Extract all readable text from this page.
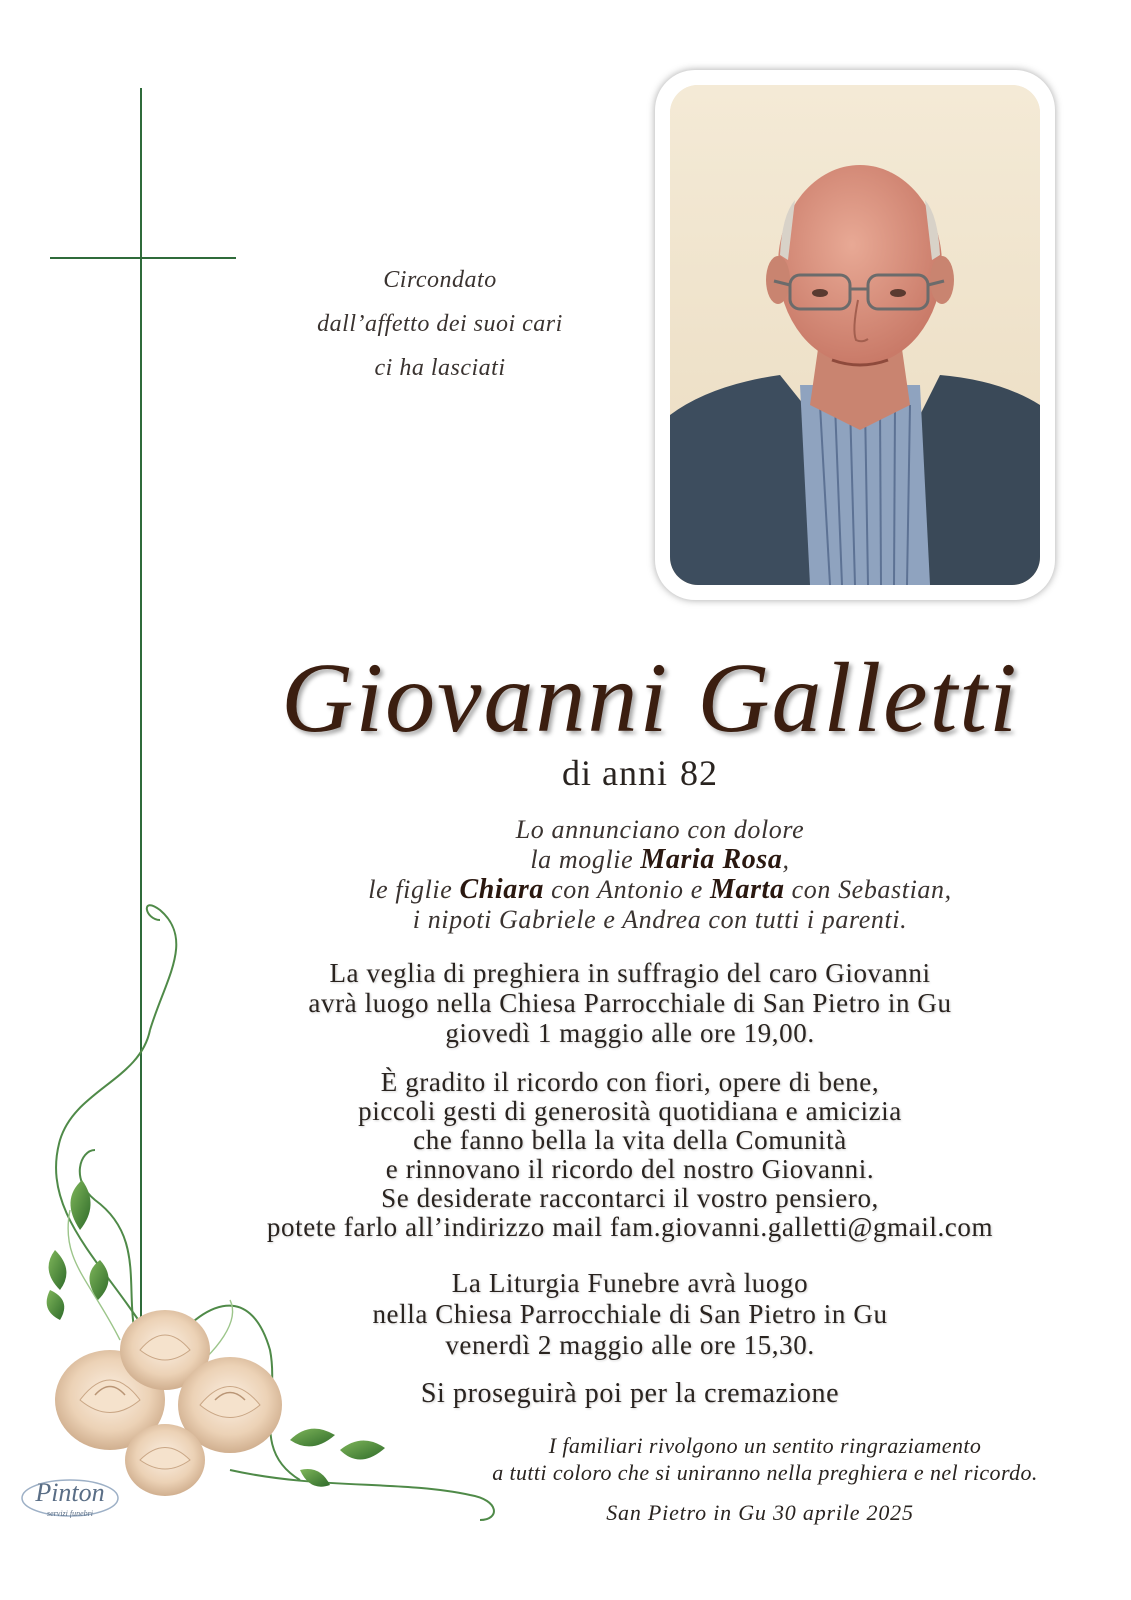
Circondato
dall’affetto dei suoi cari
ci ha lasciati
Giovanni Galletti
di anni 82
Lo annunciano con dolore
la moglie Maria Rosa,
le figlie Chiara con Antonio e Marta con Sebastian,
i nipoti Gabriele e Andrea con tutti i parenti.
La veglia di preghiera in suffragio del caro Giovanni
avrà luogo nella Chiesa Parrocchiale di San Pietro in Gu
giovedì 1 maggio alle ore 19,00.
È gradito il ricordo con fiori, opere di bene,
piccoli gesti di generosità quotidiana e amicizia
che fanno bella la vita della Comunità
e rinnovano il ricordo del nostro Giovanni.
Se desiderate raccontarci il vostro pensiero,
potete farlo all’indirizzo mail fam.giovanni.galletti@gmail.com
La Liturgia Funebre avrà luogo
nella Chiesa Parrocchiale di San Pietro in Gu
venerdì 2 maggio alle ore 15,30.
Si proseguirà poi per la cremazione
I familiari rivolgono un sentito ringraziamento
a tutti coloro che si uniranno nella preghiera e nel ricordo.
San Pietro in Gu 30 aprile 2025
Pinton
servizi funebri
